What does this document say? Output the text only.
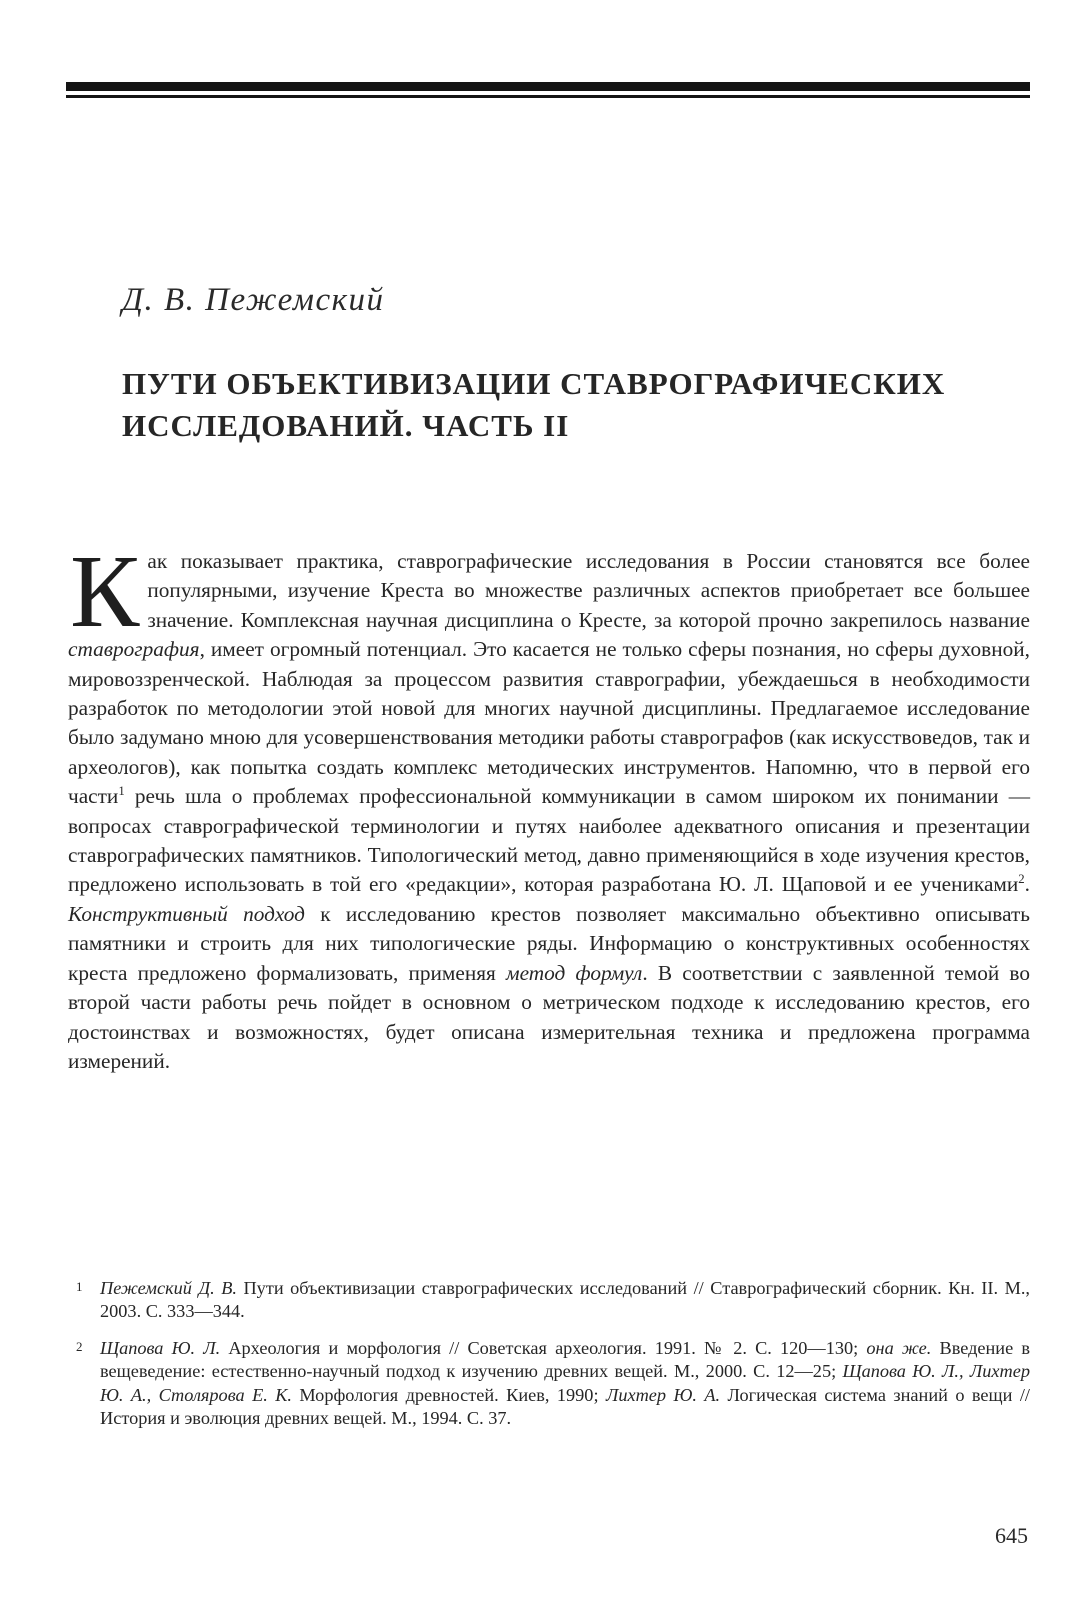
Д. В. Пежемский
ПУТИ ОБЪЕКТИВИЗАЦИИ СТАВРОГРАФИЧЕСКИХ
ИССЛЕДОВАНИЙ. ЧАСТЬ II
Как показывает практика, ставрографические исследования в России становятся все более популярными, изучение Креста во множестве различных аспектов приобретает все большее значение. Комплексная научная дисциплина о Кресте, за которой прочно закрепилось название ставрография, имеет огромный потенциал. Это касается не только сферы познания, но сферы духовной, мировоззренческой. Наблюдая за процессом развития ставрографии, убеждаешься в необходимости разработок по методологии этой новой для многих научной дисциплины. Предлагаемое исследование было задумано мною для усовершенствования методики работы ставрографов (как искусствоведов, так и археологов), как попытка создать комплекс методических инструментов. Напомню, что в первой его части$^1$ речь шла о проблемах профессиональной коммуникации в самом широком их понимании — вопросах ставрографической терминологии и путях наиболее адекватного описания и презентации ставрографических памятников. Типологический метод, давно применяющийся в ходе изучения крестов, предложено использовать в той его «редакции», которая разработана Ю. Л. Щаповой и ее учениками$^2$. Конструктивный подход к исследованию крестов позволяет максимально объективно описывать памятники и строить для них типологические ряды. Информацию о конструктивных особенностях креста предложено формализовать, применяя метод формул. В соответствии с заявленной темой во второй части работы речь пойдет в основном о метрическом подходе к исследованию крестов, его достоинствах и возможностях, будет описана измерительная техника и предложена программа измерений.
1 Пежемский Д. В. Пути объективизации ставрографических исследований // Ставрографический сборник. Кн. II. М., 2003. С. 333—344.
2 Щапова Ю. Л. Археология и морфология // Советская археология. 1991. № 2. С. 120—130; она же. Введение в вещеведение: естественно-научный подход к изучению древних вещей. М., 2000. С. 12—25; Щапова Ю. Л., Лихтер Ю. А., Столярова Е. К. Морфология древностей. Киев, 1990; Лихтер Ю. А. Логическая система знаний о вещи // История и эволюция древних вещей. М., 1994. С. 37.
645
